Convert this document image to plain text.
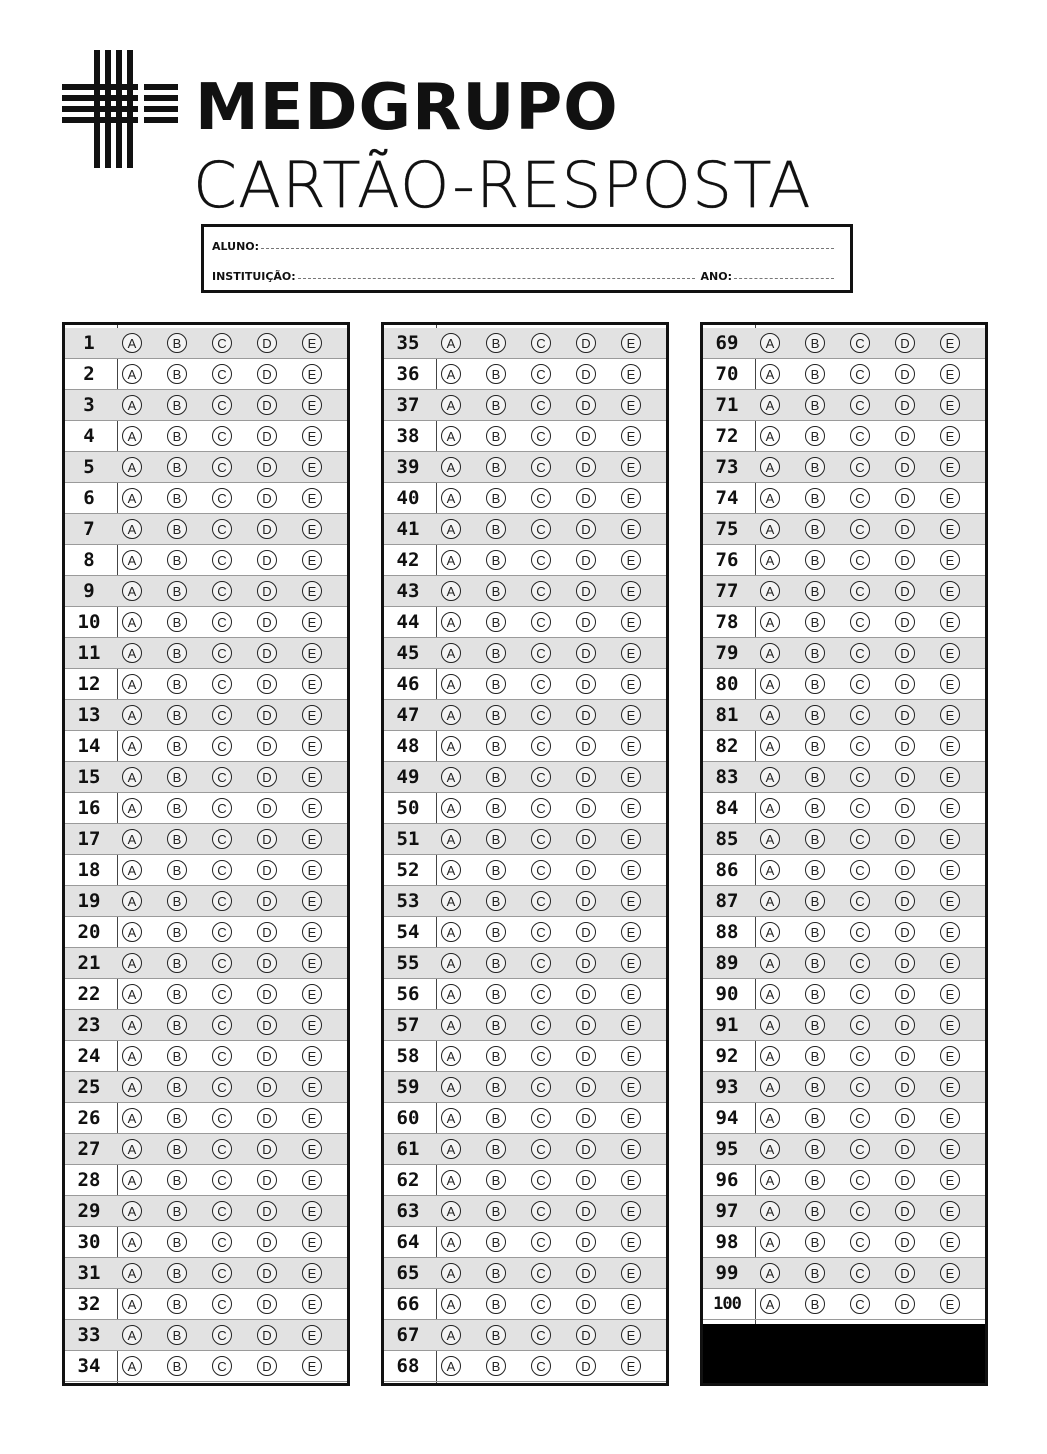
MEDGRUPO
CARTÃO-RESPOSTA
ALUNO:
INSTITUIÇÃO:	ANO:
1	A	B	C	D	E
2	A	B	C	D	E
3	A	B	C	D	E
4	A	B	C	D	E
5	A	B	C	D	E
6	A	B	C	D	E
7	A	B	C	D	E
8	A	B	C	D	E
9	A	B	C	D	E
10	A	B	C	D	E
11	A	B	C	D	E
12	A	B	C	D	E
13	A	B	C	D	E
14	A	B	C	D	E
15	A	B	C	D	E
16	A	B	C	D	E
17	A	B	C	D	E
18	A	B	C	D	E
19	A	B	C	D	E
20	A	B	C	D	E
21	A	B	C	D	E
22	A	B	C	D	E
23	A	B	C	D	E
24	A	B	C	D	E
25	A	B	C	D	E
26	A	B	C	D	E
27	A	B	C	D	E
28	A	B	C	D	E
29	A	B	C	D	E
30	A	B	C	D	E
31	A	B	C	D	E
32	A	B	C	D	E
33	A	B	C	D	E
34	A	B	C	D	E
35	A	B	C	D	E
36	A	B	C	D	E
37	A	B	C	D	E
38	A	B	C	D	E
39	A	B	C	D	E
40	A	B	C	D	E
41	A	B	C	D	E
42	A	B	C	D	E
43	A	B	C	D	E
44	A	B	C	D	E
45	A	B	C	D	E
46	A	B	C	D	E
47	A	B	C	D	E
48	A	B	C	D	E
49	A	B	C	D	E
50	A	B	C	D	E
51	A	B	C	D	E
52	A	B	C	D	E
53	A	B	C	D	E
54	A	B	C	D	E
55	A	B	C	D	E
56	A	B	C	D	E
57	A	B	C	D	E
58	A	B	C	D	E
59	A	B	C	D	E
60	A	B	C	D	E
61	A	B	C	D	E
62	A	B	C	D	E
63	A	B	C	D	E
64	A	B	C	D	E
65	A	B	C	D	E
66	A	B	C	D	E
67	A	B	C	D	E
68	A	B	C	D	E
69	A	B	C	D	E
70	A	B	C	D	E
71	A	B	C	D	E
72	A	B	C	D	E
73	A	B	C	D	E
74	A	B	C	D	E
75	A	B	C	D	E
76	A	B	C	D	E
77	A	B	C	D	E
78	A	B	C	D	E
79	A	B	C	D	E
80	A	B	C	D	E
81	A	B	C	D	E
82	A	B	C	D	E
83	A	B	C	D	E
84	A	B	C	D	E
85	A	B	C	D	E
86	A	B	C	D	E
87	A	B	C	D	E
88	A	B	C	D	E
89	A	B	C	D	E
90	A	B	C	D	E
91	A	B	C	D	E
92	A	B	C	D	E
93	A	B	C	D	E
94	A	B	C	D	E
95	A	B	C	D	E
96	A	B	C	D	E
97	A	B	C	D	E
98	A	B	C	D	E
99	A	B	C	D	E
100	A	B	C	D	E
